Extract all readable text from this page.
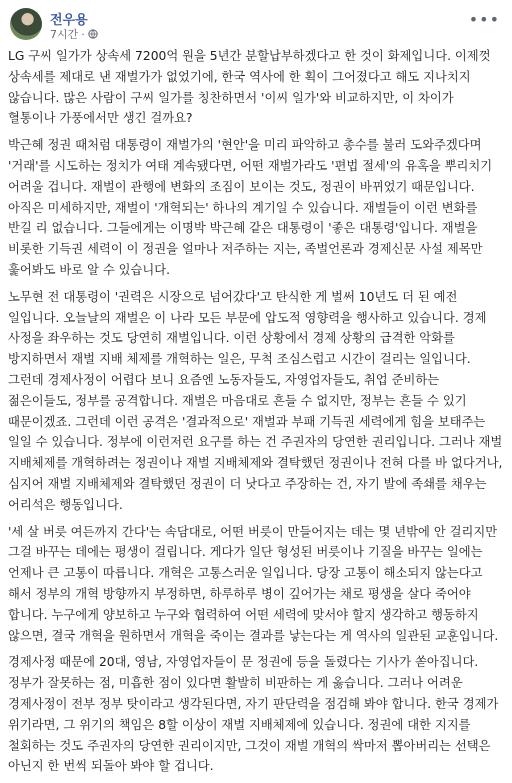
전우용
7시간 ·
•••

LG 구씨 일가가 상속세 7200억 원을 5년간 분할납부하겠다고 한 것이 화제입니다. 이제껏 상속세를 제대로 낸 재벌가가 없었기에, 한국 역사에 한 획이 그어졌다고 해도 지나치지 않습니다. 많은 사람이 구씨 일가를 칭찬하면서 '이씨 일가'와 비교하지만, 이 차이가 혈통이나 가풍에서만 생긴 걸까요?

박근혜 정권 때처럼 대통령이 재벌가의 '현안'을 미리 파악하고 총수를 불러 도와주겠다며 '거래'를 시도하는 정치가 여태 계속됐다면, 어떤 재벌가라도 '편법 절세'의 유혹을 뿌리치기 어려울 겁니다. 재벌이 관행에 변화의 조짐이 보이는 것도, 정권이 바뀌었기 때문입니다. 아직은 미세하지만, 재벌이 '개혁되는' 하나의 계기일 수 있습니다. 재벌들이 이런 변화를 반길 리 없습니다. 그들에게는 이명박 박근혜 같은 대통령이 '좋은 대통령'입니다. 재벌을 비롯한 기득권 세력이 이 정권을 얼마나 저주하는 지는, 족벌언론과 경제신문 사설 제목만 훑어봐도 바로 알 수 있습니다.

노무현 전 대통령이 '권력은 시장으로 넘어갔다'고 탄식한 게 벌써 10년도 더 된 예전 일입니다. 오늘날의 재벌은 이 나라 모든 부문에 압도적 영향력을 행사하고 있습니다. 경제 사정을 좌우하는 것도 당연히 재벌입니다. 이런 상황에서 경제 상황의 급격한 악화를 방지하면서 재벌 지배 체제를 개혁하는 일은, 무척 조심스럽고 시간이 걸리는 일입니다. 그런데 경제사정이 어렵다 보니 요즘엔 노동자들도, 자영업자들도, 취업 준비하는 젊은이들도, 정부를 공격합니다. 재벌은 마음대로 흔들 수 없지만, 정부는 흔들 수 있기 때문이겠죠. 그런데 이런 공격은 '결과적으로' 재벌과 부패 기득권 세력에게 힘을 보태주는 일일 수 있습니다. 정부에 이런저런 요구를 하는 건 주권자의 당연한 권리입니다. 그러나 재벌 지배체제를 개혁하려는 정권이나 재벌 지배체제와 결탁했던 정권이나 전혀 다를 바 없다거나, 심지어 재벌 지배체제와 결탁했던 정권이 더 낫다고 주장하는 건, 자기 발에 족쇄를 채우는 어리석은 행동입니다.

'세 살 버릇 여든까지 간다'는 속담대로, 어떤 버릇이 만들어지는 데는 몇 년밖에 안 걸리지만 그걸 바꾸는 데에는 평생이 걸립니다. 게다가 일단 형성된 버릇이나 기질을 바꾸는 일에는 언제나 큰 고통이 따릅니다. 개혁은 고통스러운 일입니다. 당장 고통이 해소되지 않는다고 해서 정부의 개혁 방향까지 부정하면, 하루하루 병이 깊어가는 채로 평생을 살다 죽어야 합니다. 누구에게 양보하고 누구와 협력하여 어떤 세력에 맞서야 할지 생각하고 행동하지 않으면, 결국 개혁을 원하면서 개혁을 죽이는 결과를 낳는다는 게 역사의 일관된 교훈입니다.

경제사정 때문에 20대, 영남, 자영업자들이 문 정권에 등을 돌렸다는 기사가 쏟아집니다. 정부가 잘못하는 점, 미흡한 점이 있다면 활발히 비판하는 게 옳습니다. 그러나 어려운 경제사정이 전부 정부 탓이라고 생각된다면, 자기 판단력을 점검해 봐야 합니다. 한국 경제가 위기라면, 그 위기의 책임은 8할 이상이 재벌 지배체제에 있습니다. 정권에 대한 지지를 철회하는 것도 주권자의 당연한 권리이지만, 그것이 재벌 개혁의 싹마저 뽑아버리는 선택은 아닌지 한 번씩 되돌아 봐야 할 겁니다.
